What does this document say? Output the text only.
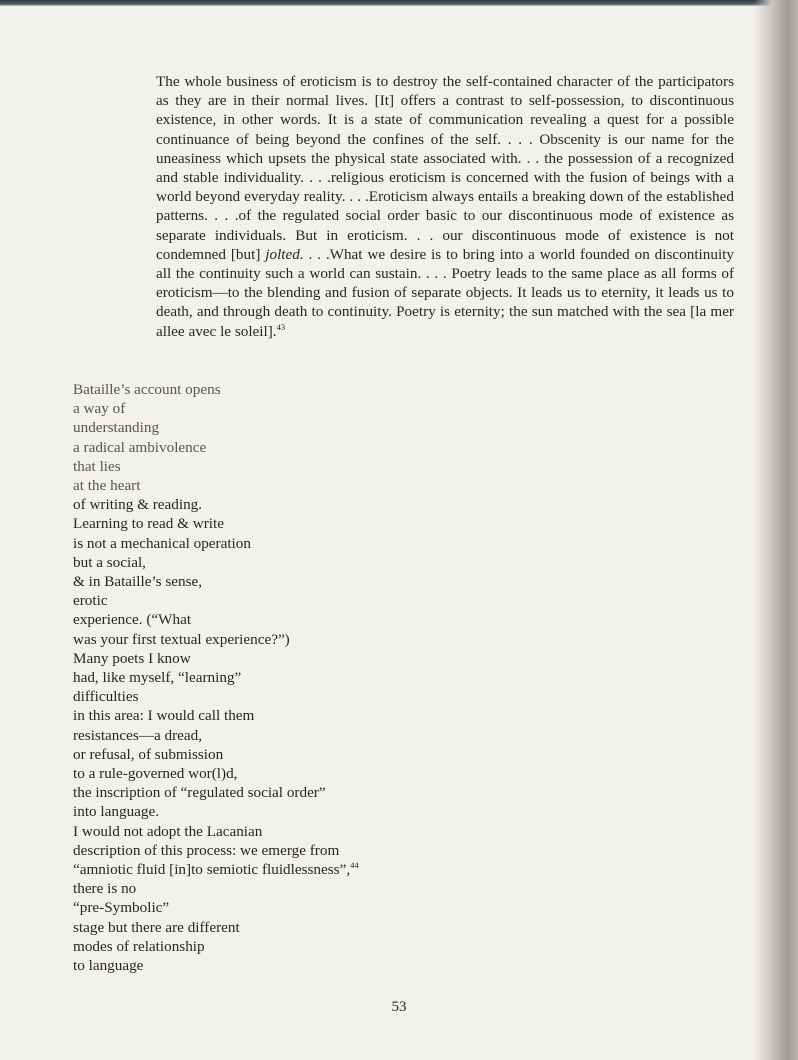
The whole business of eroticism is to destroy the self-contained character of the participators as they are in their normal lives. [It] offers a contrast to self-possession, to discontinuous existence, in other words. It is a state of communication revealing a quest for a possible continuance of being beyond the confines of the self. . . . Obscenity is our name for the uneasiness which upsets the physical state associated with. . . the possession of a recognized and stable individuality. . . .religious eroticism is concerned with the fusion of beings with a world beyond everyday reality. . . .Eroticism always entails a breaking down of the established patterns. . . .of the regulated social order basic to our discontinuous mode of existence as separate individuals. But in eroticism. . . our discontinuous mode of existence is not condemned [but] jolted. . . .What we desire is to bring into a world founded on discontinuity all the continuity such a world can sustain. . . . Poetry leads to the same place as all forms of eroticism—to the blending and fusion of separate objects. It leads us to eternity, it leads us to death, and through death to continuity. Poetry is eternity; the sun matched with the sea [la mer allee avec le soleil].$^{43}$

Bataille’s account opens
a way of
understanding
a radical ambivolence
that lies
at the heart
of writing & reading.
Learning to read & write
is not a mechanical operation
but a social,
& in Bataille’s sense,
erotic
experience. (“What
was your first textual experience?”)
Many poets I know
had, like myself, “learning”
difficulties
in this area: I would call them
resistances—a dread,
or refusal, of submission
to a rule-governed wor(l)d,
the inscription of “regulated social order”
into language.
I would not adopt the Lacanian
description of this process: we emerge from
“amniotic fluid [in]to semiotic fluidlessness”,$^{44}$
there is no
“pre-Symbolic”
stage but there are different
modes of relationship
to language
53
